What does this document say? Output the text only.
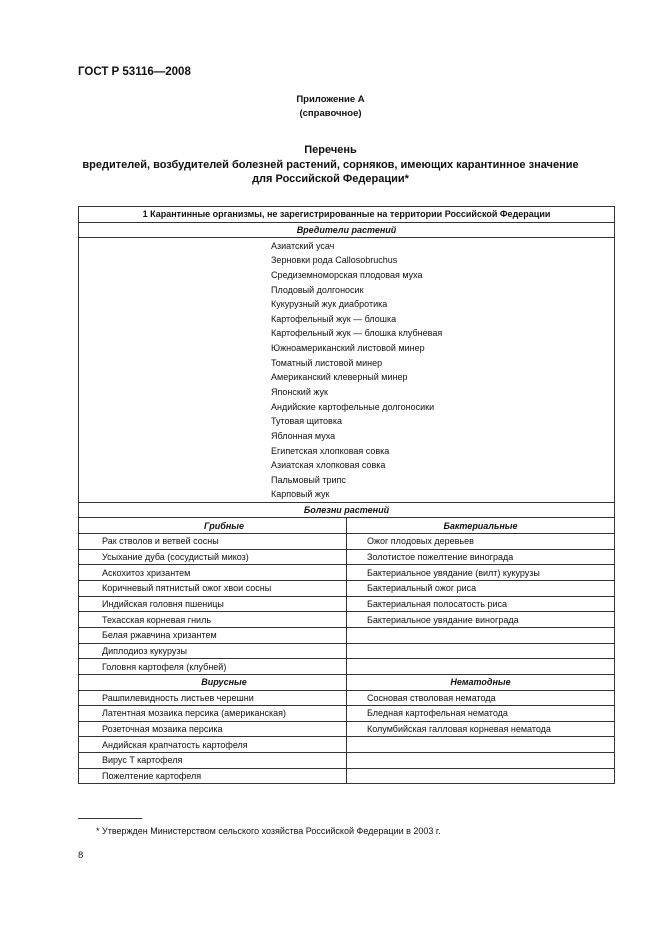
ГОСТ Р 53116—2008
Приложение А
(справочное)
Перечень
вредителей, возбудителей болезней растений, сорняков, имеющих карантинное значение
для Российской Федерации*
1 Карантинные организмы, не зарегистрированные на территории Российской Федерации	
Вредители растений	
Азиатский усач	
Зерновки рода Callosobruchus	
Средиземноморская плодовая муха	
Плодовый долгоносик	
Кукурузный жук диабротика	
Картофельный жук — блошка	
Картофельный жук — блошка клубневая	
Южноамериканский листовой минер	
Томатный листовой минер	
Американский клеверный минер	
Японский жук	
Андийские картофельные долгоносики	
Тутовая щитовка	
Яблонная муха	
Египетская хлопковая совка	
Азиатская хлопковая совка	
Пальмовый трипс	
Карповый жук	
Болезни растений	
Грибные	Бактериальные
Рак стволов и ветвей сосны	Ожог плодовых деревьев
Усыхание дуба (сосудистый микоз)	Золотистое пожелтение винограда
Аскохитоз хризантем	Бактериальное увядание (вилт) кукурузы
Коричневый пятнистый ожог хвои сосны	Бактериальный ожог риса
Индийская головня пшеницы	Бактериальная полосатость риса
Техасская корневая гниль	Бактериальное увядание винограда
Белая ржавчина хризантем	
Диплодиоз кукурузы	
Головня картофеля (клубней)	
Вирусные	Нематодные
Рашпилевидность листьев черешни	Сосновая стволовая нематода
Латентная мозаика персика (американская)	Бледная картофельная нематода
Розеточная мозаика персика	Колумбийская галловая корневая нематода
Андийская крапчатость картофеля	
Вирус T картофеля	
Пожелтение картофеля	
* Утвержден Министерством сельского хозяйства Российской Федерации в 2003 г.
8
